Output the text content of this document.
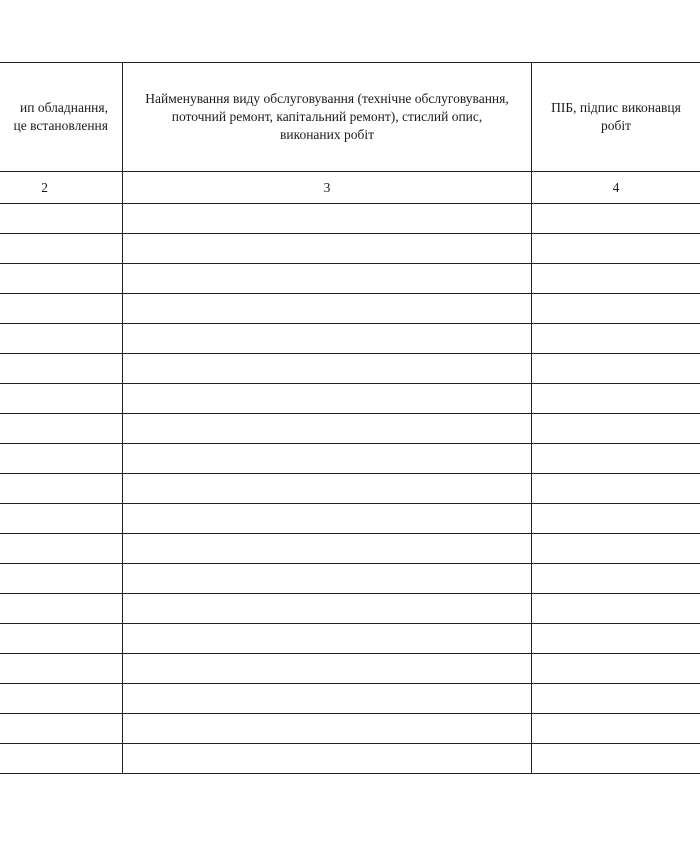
ип обладнання,
це встановлення	Найменування виду обслуговування (технічне обслуговування, поточний ремонт, капітальний ремонт), стислий опис, виконаних робіт	ПІБ, підпис виконавця робіт

2	3	4
